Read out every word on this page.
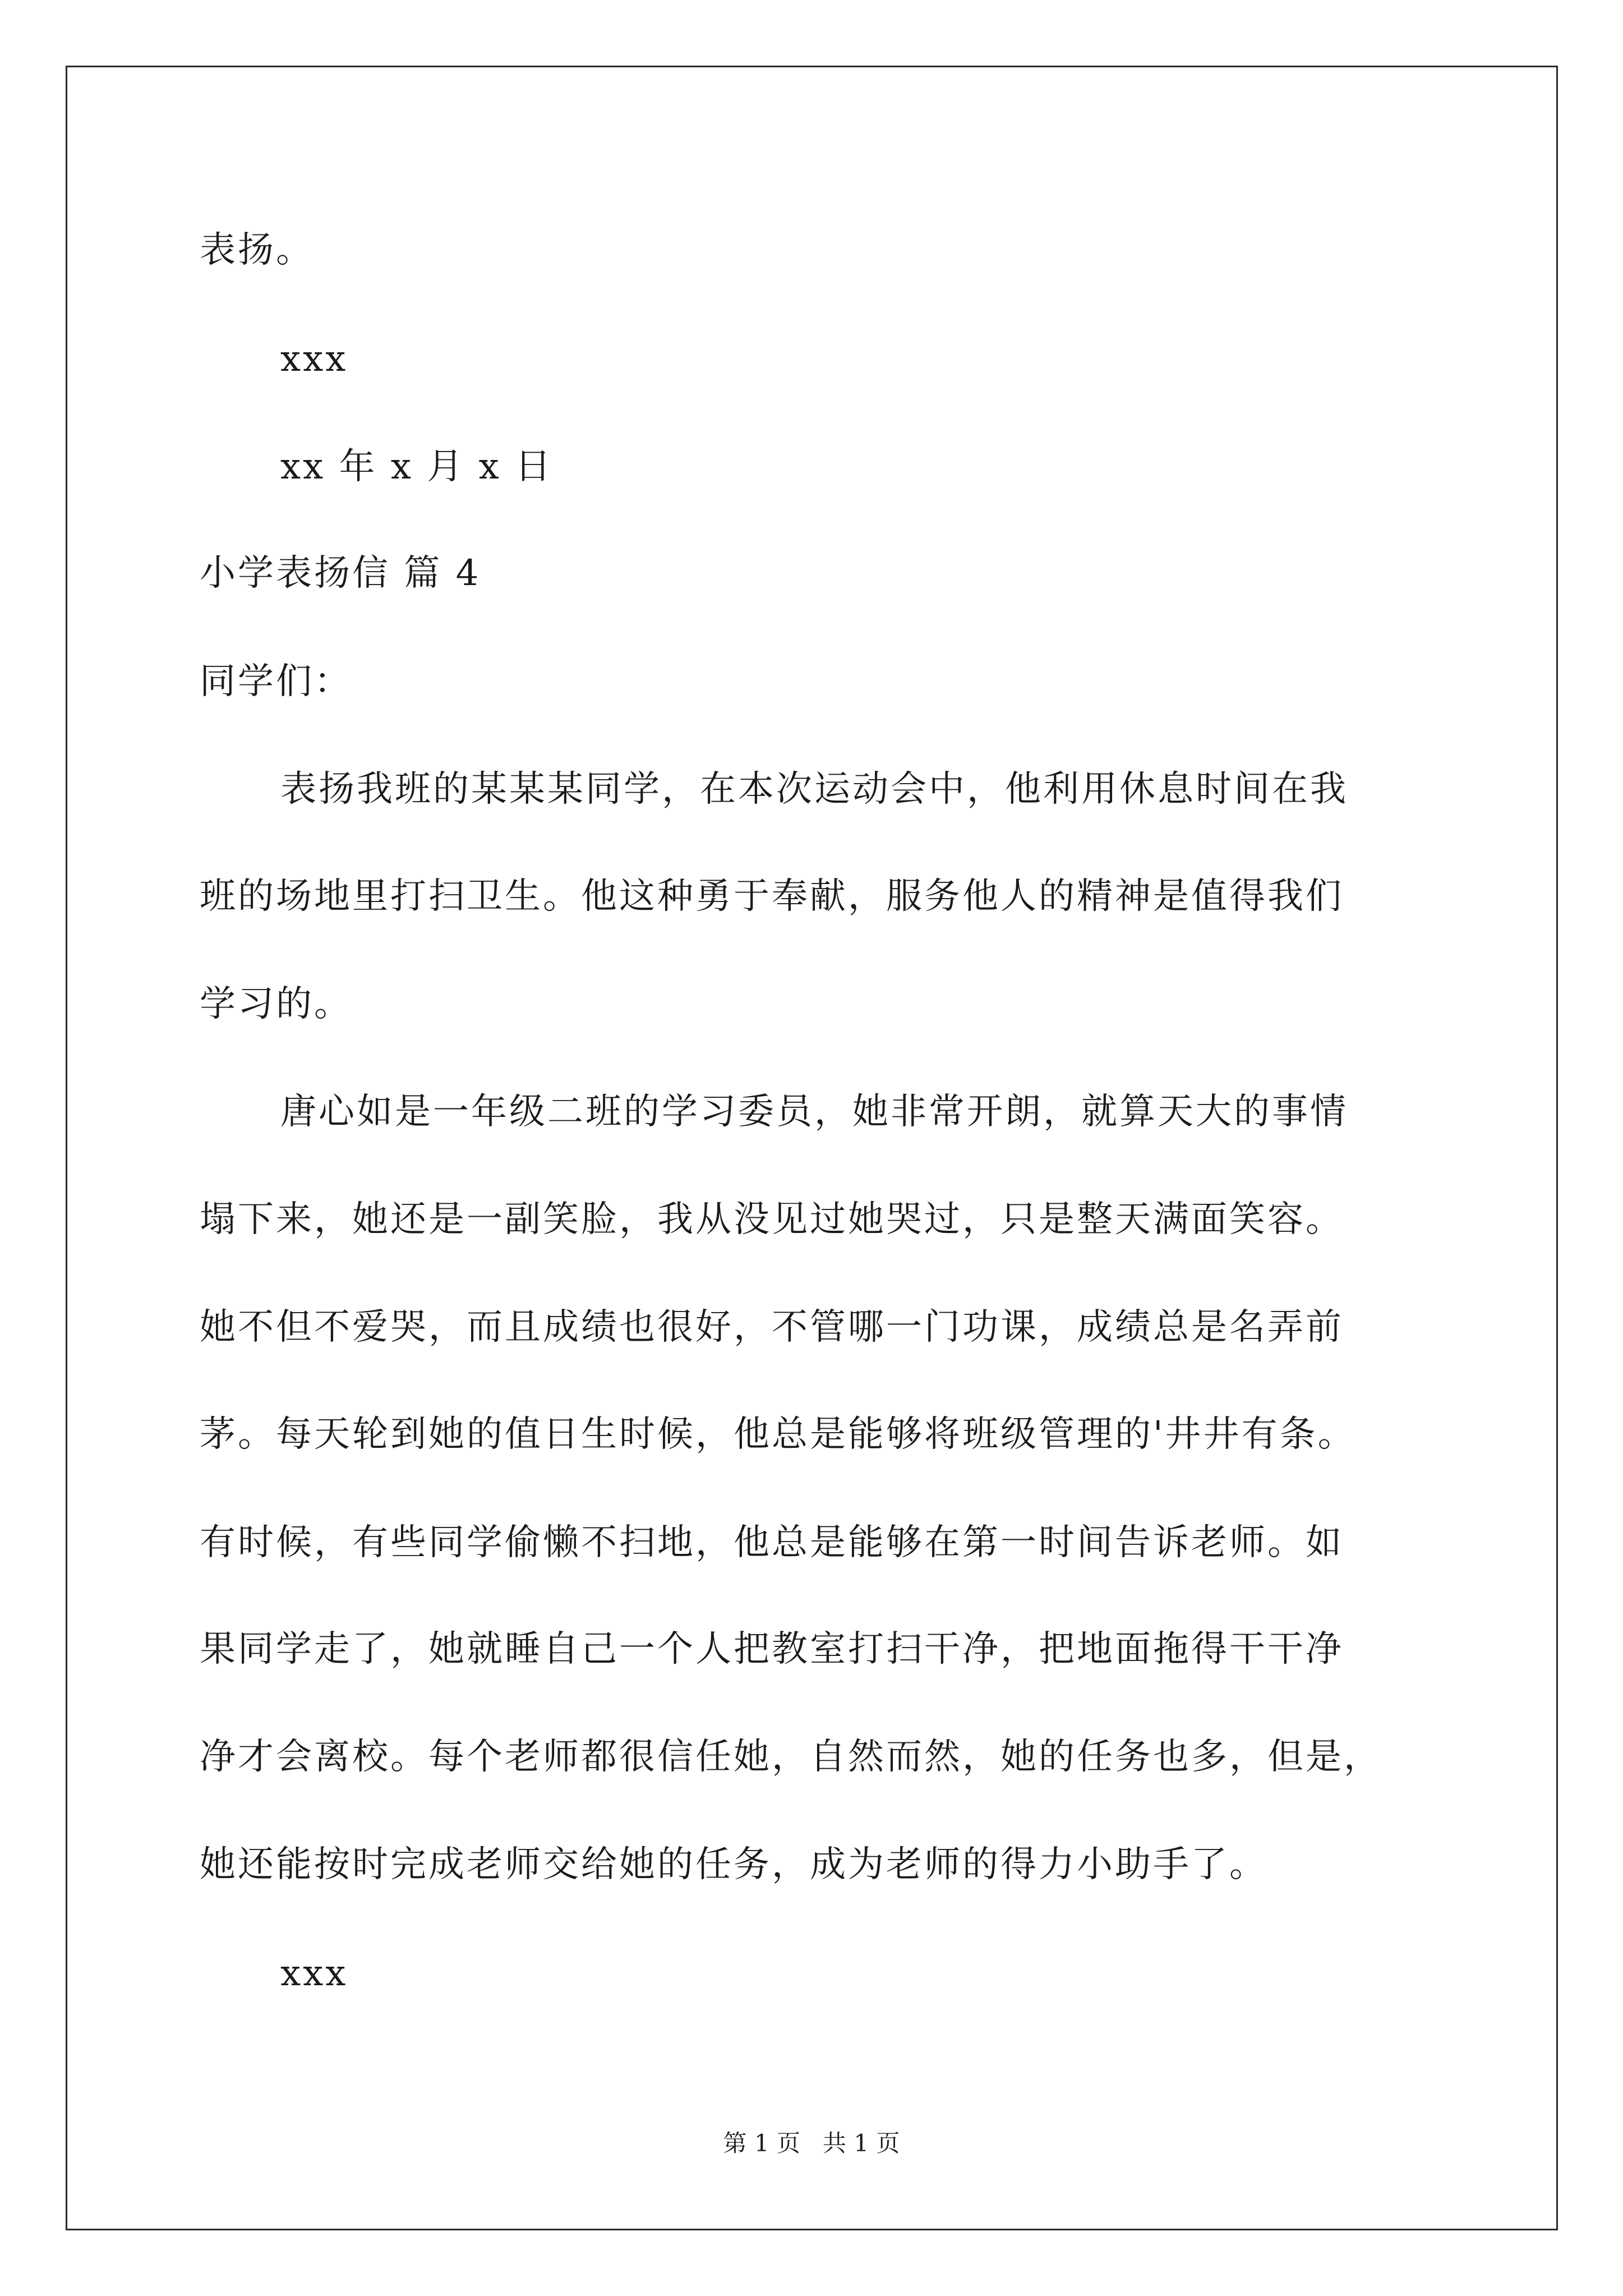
表扬。
xxx
xx 年 x 月 x 日
小学表扬信 篇 4
同学们：
表扬我班的某某某同学，在本次运动会中，他利用休息时间在我
班的场地里打扫卫生。他这种勇于奉献，服务他人的精神是值得我们
学习的。
唐心如是一年级二班的学习委员，她非常开朗，就算天大的事情
塌下来，她还是一副笑脸，我从没见过她哭过，只是整天满面笑容。
她不但不爱哭，而且成绩也很好，不管哪一门功课，成绩总是名弄前
茅。每天轮到她的值日生时候，他总是能够将班级管理的'井井有条。
有时候，有些同学偷懒不扫地，他总是能够在第一时间告诉老师。如
果同学走了，她就睡自己一个人把教室打扫干净，把地面拖得干干净
净才会离校。每个老师都很信任她，自然而然，她的任务也多，但是，
她还能按时完成老师交给她的任务，成为老师的得力小助手了。
xxx
第 1 页   共 1 页
